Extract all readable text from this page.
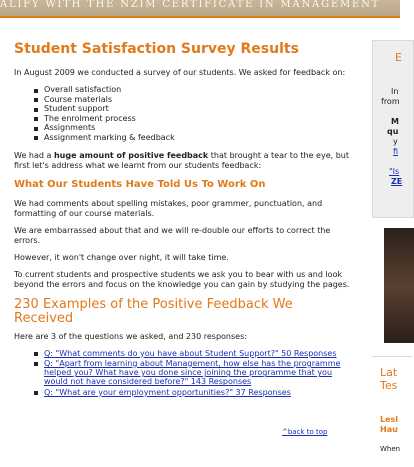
ALIFY WITH THE NZIM CERTIFICATE IN MANAGEMENT
Student Satisfaction Survey Results

In August 2009 we conducted a survey of our students. We asked for feedback on:

Overall satisfaction
Course materials
Student support
The enrolment process
Assignments
Assignment marking & feedback

We had a huge amount of positive feedback that brought a tear to the eye, but first let's address what we learnt from our students feedback:

What Our Students Have Told Us To Work On

We had comments about spelling mistakes, poor grammer, punctuation, and formatting of our course materials.

We are embarrassed about that and we will re-double our efforts to correct the errors.

However, it won't change over night, it will take time.

To current students and prospective students we ask you to bear with us and look beyond the errors and focus on the knowledge you can gain by studying the pages.

230 Examples of the Positive Feedback We Received

Here are 3 of the questions we asked, and 230 responses:

Q: "What comments do you have about Student Support?" 50 Responses
Q: "Apart from learning about Management, how else has the programme helped you? What have you done since joining the programme that you would not have considered before?" 143 Responses
Q: "What are your employment opportunities?" 37 Responses
^back to top
E
In
from
M
qu
y
fi
"Is
ZE
Lat
Tes
Lesl
Hau
When
